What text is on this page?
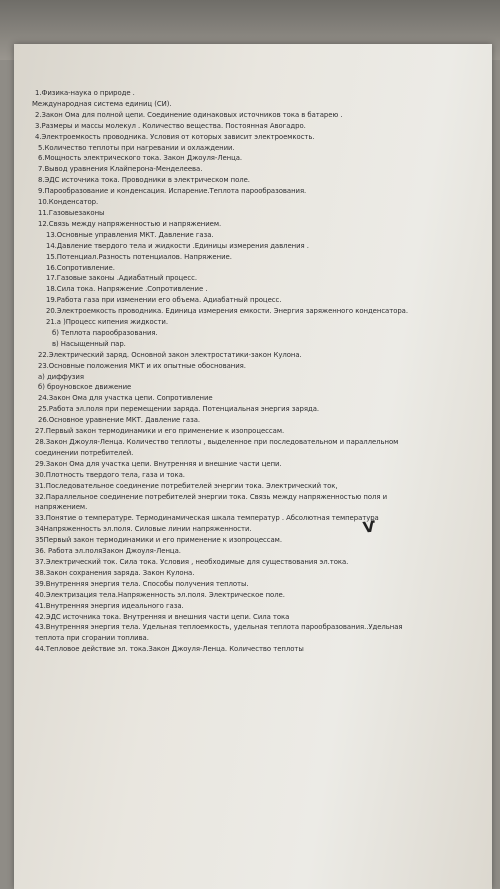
1.Физика-наука о природе .
Международная система единиц (СИ).
2.Закон Ома для полной цепи. Соединение одинаковых источников тока в батарею .
3.Размеры и массы молекул . Количество вещества. Постоянная Авогадро.
4.Электроемкость проводника. Условия от которых зависит электроемкость.
5.Количество теплоты при нагревании и охлаждении.
6.Мощность электрического тока. Закон Джоуля-Ленца.
7.Вывод уравнения Клайперона-Менделеева.
8.ЭДС источника тока. Проводники в электрическом поле.
9.Парообразование и конденсация. Испарение.Теплота парообразования.
10.Конденсатор.
11.Газовыезаконы
12.Связь между напряженностью и напряжением.
13.Основные управления МКТ. Давление газа.
14.Давление твердого тела и жидкости .Единицы измерения давления .
15.Потенциал.Разность потенциалов. Напряжение.
16.Сопротивление.
17.Газовые законы .Адиабатный процесс.
18.Сила тока. Напряжение .Сопротивление .
19.Работа газа при изменении его объема. Адиабатный процесс.
20.Электроемкость проводника. Единица измерения емкости. Энергия заряженного конденсатора.
21.а )Процесс кипения жидкости.
б) Теплота парообразования.
в) Насыщенный пар.
22.Электрический заряд. Основной закон электростатики-закон Кулона.
23.Основные положения МКТ и их опытные обоснования.
а) диффузия
б) броуновское движение
24.Закон Ома для участка цепи. Сопротивление
25.Работа эл.поля при перемещении заряда. Потенциальная энергия заряда.
26.Основное уравнение МКТ. Давление газа.
27.Первый закон термодинамики и его применение к изопроцессам.
28.Закон Джоуля-Ленца. Количество теплоты , выделенное при последовательном и параллельном
соединении потребителей.
29.Закон Ома для участка цепи. Внутренняя и внешние части цепи.
30.Плотность твердого тела, газа и тока.
31.Последовательное соединение потребителей энергии тока. Электрический ток,
32.Параллельное соединение потребителей энергии тока. Связь между напряженностью поля и
напряжением.
33.Понятие о температуре. Термодинамическая шкала температур . Абсолютная температура
34Напряженность эл.поля. Силовые линии напряженности.
35Первый закон термодинамики и его применение к изопроцессам.
36. Работа эл.поляЗакон Джоуля-Ленца.
37.Электрический ток. Сила тока. Условия , необходимые для существования эл.тока.
38.Закон сохранения заряда. Закон Кулона.
39.Внутренняя энергия тела. Способы получения теплоты.
40.Электризация тела.Напряженность эл.поля. Электрическое поле.
41.Внутренняя энергия идеального газа.
42.ЭДС источника тока. Внутренняя и внешния части цепи. Сила тока
43.Внутренняя энергия тела. Удельная теплоемкость, удельная теплота парообразования..Удельная
теплота при сгорании топлива.
44.Тепловое действие эл. тока.Закон Джоуля-Ленца. Количество теплоты
Ѵ
